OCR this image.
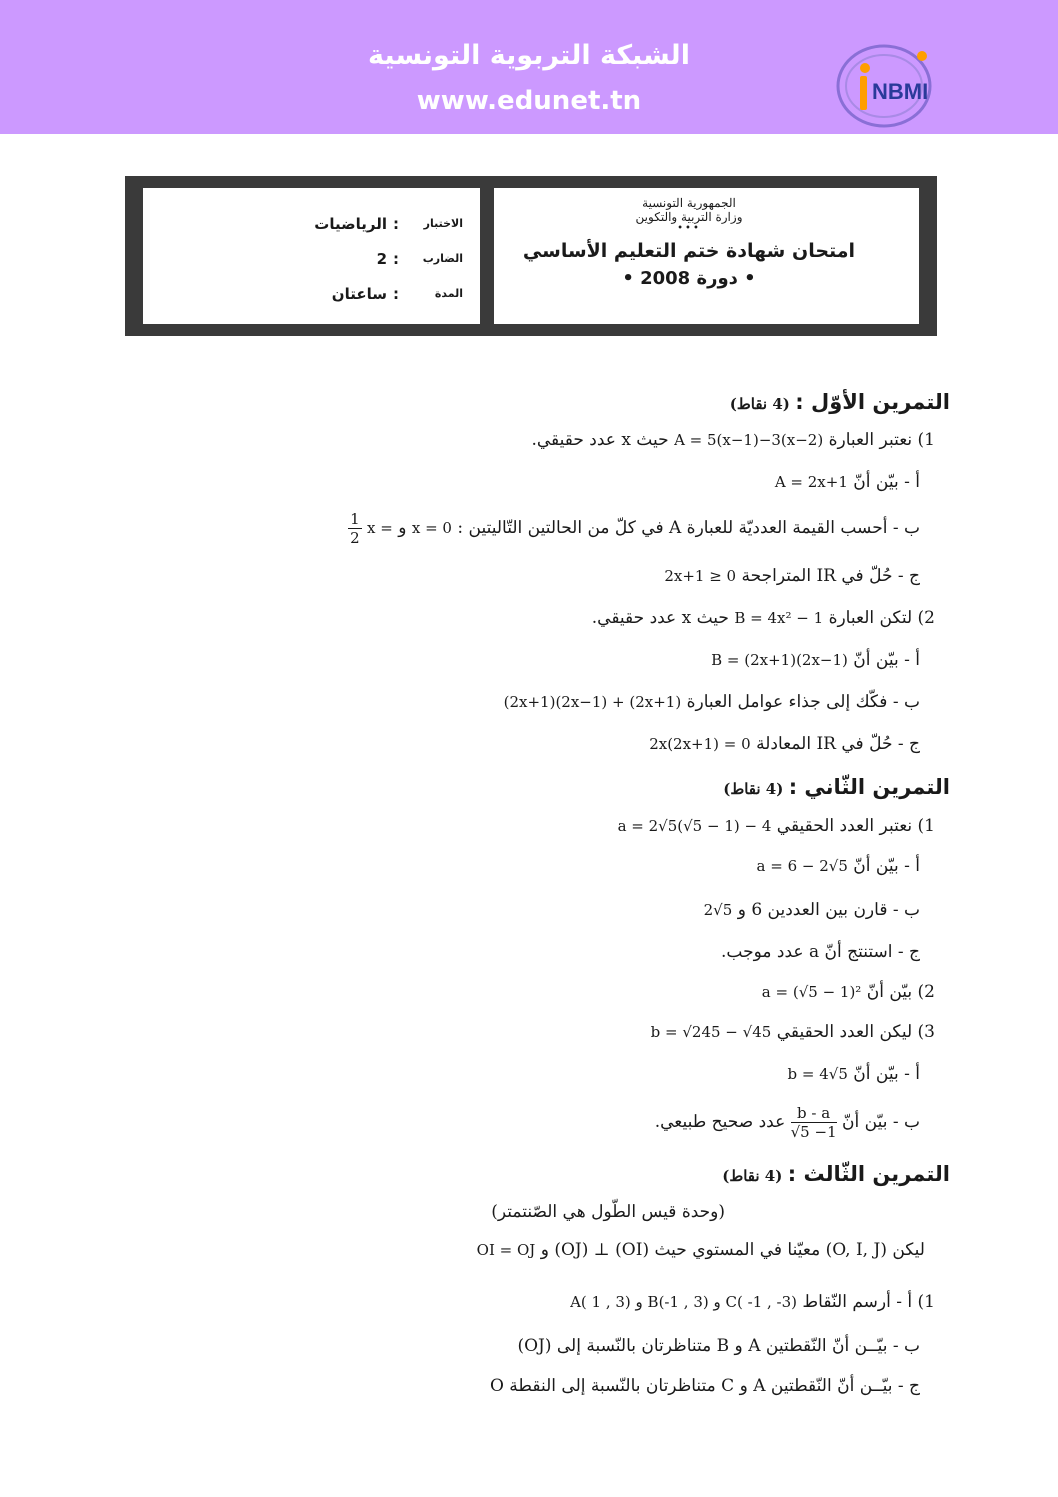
الشبكة التربوية التونسية
www.edunet.tn	NBMI
الجمهورية التونسية
وزارة التربية والتكوين
•••
امتحان شهادة ختم التعليم الأساسي
• دورة 2008 •
الاختبار
:
الرياضيات
الضارب
:
2
المدة
:
ساعتان
التمرين الأوّل : (4 نقاط)
1) نعتبر العبارة A = 5(x−1)−3(x−2) حيث x عدد حقيقي.
أ - بيّن أنّ A = 2x+1
ب - أحسب القيمة العدديّة للعبارة A في كلّ من الحالتين التّاليتين : x = 0 و x =
$\frac{1}{2}$
ج - حُلّ في IR المتراجحة 2x+1 ≥ 0
2) لتكن العبارة B = 4x² − 1 حيث x عدد حقيقي.
أ - بيّن أنّ B = (2x+1)(2x−1)
ب - فكّك إلى جذاء عوامل العبارة (2x+1)(2x−1) + (2x+1)
ج - حُلّ في IR المعادلة 2x(2x+1) = 0
التمرين الثّاني : (4 نقاط)
1) نعتبر العدد الحقيقي a = 2√5(√5 − 1) − 4
أ - بيّن أنّ a = 6 − 2√5
ب - قارن بين العددين 6 و 2√5
ج - استنتج أنّ a عدد موجب.
2) بيّن أنّ a = (√5 − 1)²
3) ليكن العدد الحقيقي b = √245 − √45
أ - بيّن أنّ b = 4√5
ب - بيّن أنّ
$\frac{b - a}{√5 -1}$
عدد صحيح طبيعي.
التمرين الثّالث : (4 نقاط)
(وحدة قيس الطّول هي الصّنتمتر)
ليكن (O, I, J) معيّنا في المستوي حيث (OI) ⊥ (OJ) و OI = OJ
1) أ - أرسم النّقاط A( 1 , 3) و B(-1 , 3) و C( -1 , -3)
ب - بيّــن أنّ النّقطتين A و B متناظرتان بالنّسبة إلى (OJ)
ج - بيّــن أنّ النّقطتين A و C متناظرتان بالنّسبة إلى النقطة O
